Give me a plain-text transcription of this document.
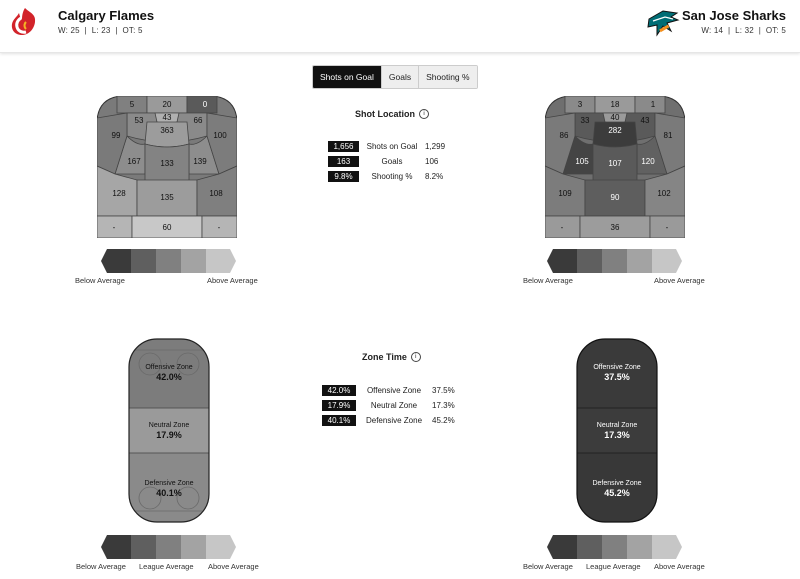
Calgary Flames
W: 25  |  L: 23  |  OT: 5
San Jose Sharks
W: 14  |  L: 32  |  OT: 5
Shots on Goal	Goals	Shooting %
Shot Location	i
1,656	Shots on Goal 1,299
163	Goals	106
9.8%	Shooting %	8.2%
5	20	0
53 43	66
363
99	100
167 133 139
128	135	108
-	60	-
3	18	1
33	40	43
282
86	81
105 107 120
109	90	102
-	36	-
Below Average	Above Average	Below Average	Above Average
Zone Time	i
42.0%	Offensive Zone	37.5%
17.9%	Neutral Zone	17.3%
40.1%	Defensive Zone	45.2%
Offensive Zone
42.0%
Neutral Zone
17.9%
Defensive Zone
40.1%
Offensive Zone
37.5%
Neutral Zone
17.3%
Defensive Zone
45.2%
Below Average League Average Above Average	Below Average League Average Above Average
